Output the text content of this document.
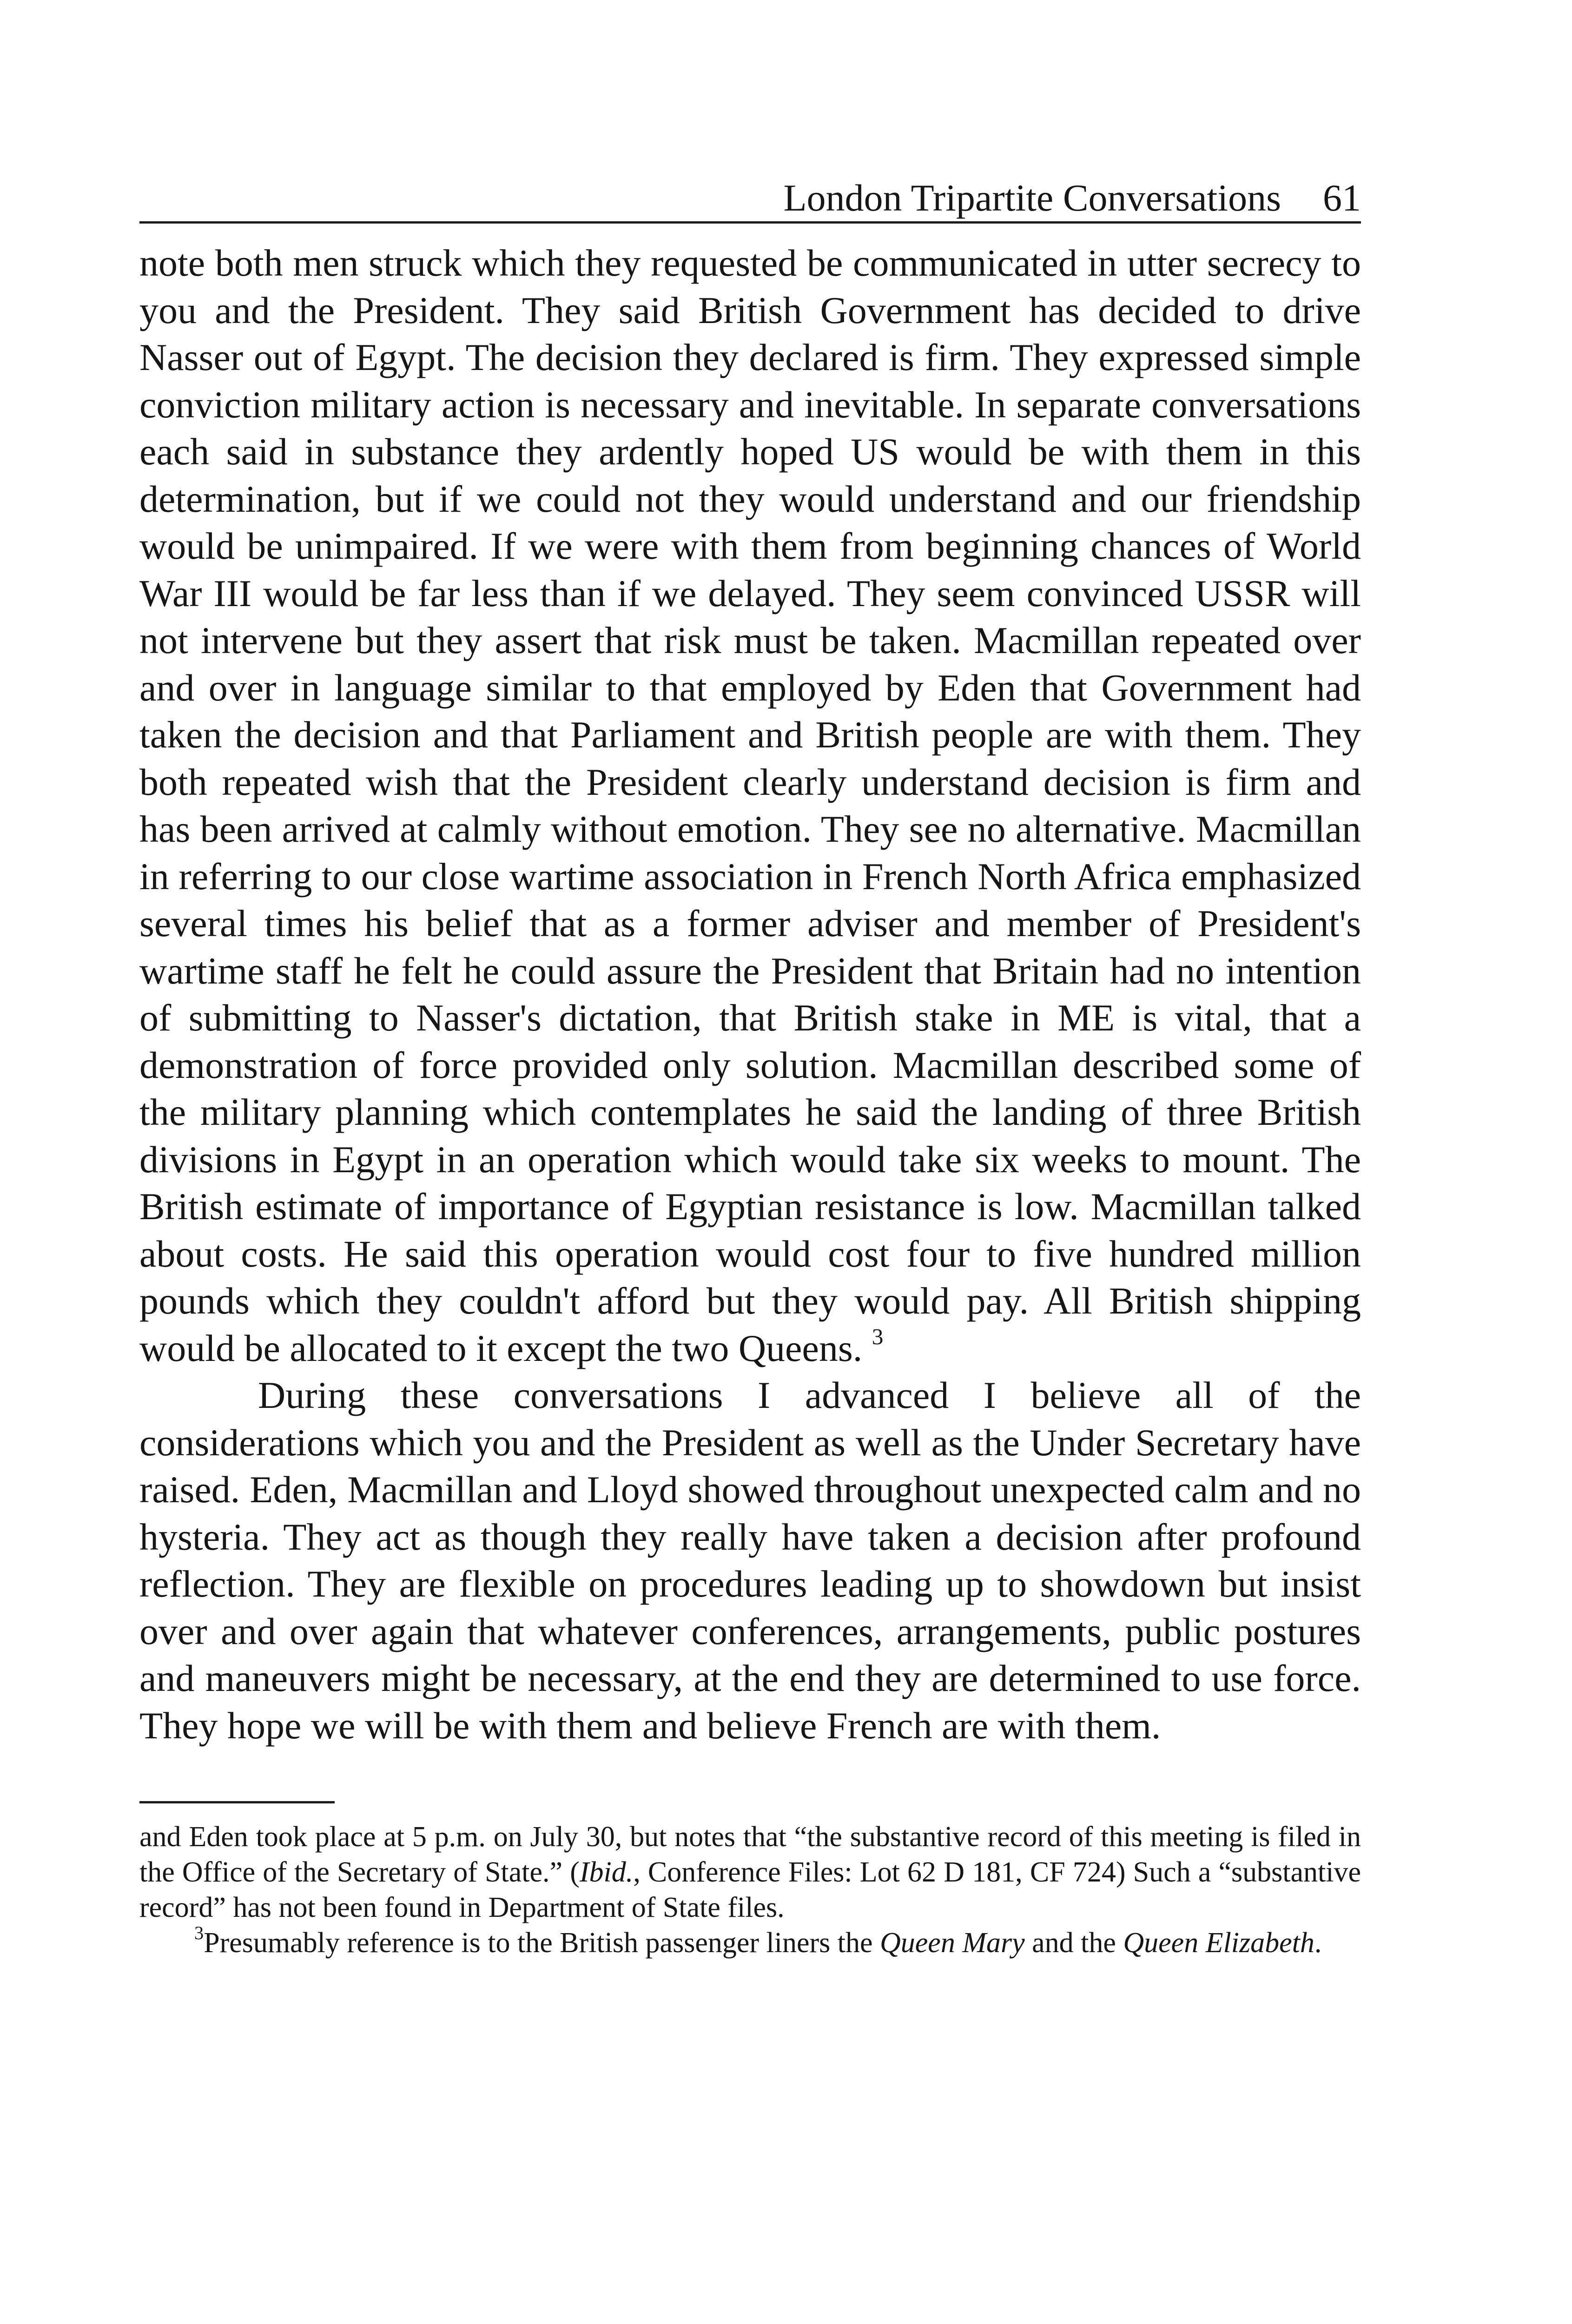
London Tripartite Conversations 61

note both men struck which they requested be communicated in utter secrecy to you and the President. They said British Government has decided to drive Nasser out of Egypt. The decision they declared is firm. They expressed simple conviction military action is necessary and inevitable. In separate conversations each said in substance they ardently hoped US would be with them in this determination, but if we could not they would understand and our friendship would be unimpaired. If we were with them from beginning chances of World War III would be far less than if we delayed. They seem convinced USSR will not intervene but they assert that risk must be taken. Macmillan repeated over and over in language similar to that employed by Eden that Government had taken the decision and that Parliament and British people are with them. They both repeated wish that the President clearly understand decision is firm and has been arrived at calmly without emotion. They see no alternative. Macmillan in referring to our close wartime association in French North Africa emphasized several times his belief that as a former adviser and member of President's wartime staff he felt he could assure the President that Britain had no intention of submitting to Nasser's dictation, that British stake in ME is vital, that a demonstration of force provided only solution. Macmillan described some of the military planning which contemplates he said the landing of three British divisions in Egypt in an operation which would take six weeks to mount. The British estimate of importance of Egyptian resistance is low. Macmillan talked about costs. He said this operation would cost four to five hundred million pounds which they couldn't afford but they would pay. All British shipping would be allocated to it except the two Queens. $^3$

During these conversations I advanced I believe all of the considerations which you and the President as well as the Under Secretary have raised. Eden, Macmillan and Lloyd showed throughout unexpected calm and no hysteria. They act as though they really have taken a decision after profound reflection. They are flexible on procedures leading up to showdown but insist over and over again that whatever conferences, arrangements, public postures and maneuvers might be necessary, at the end they are determined to use force. They hope we will be with them and believe French are with them.

and Eden took place at 5 p.m. on July 30, but notes that “the substantive record of this meeting is filed in the Office of the Secretary of State.” (Ibid., Conference Files: Lot 62 D 181, CF 724) Such a “substantive record” has not been found in Department of State files.

$^3$Presumably reference is to the British passenger liners the Queen Mary and the Queen Elizabeth.
